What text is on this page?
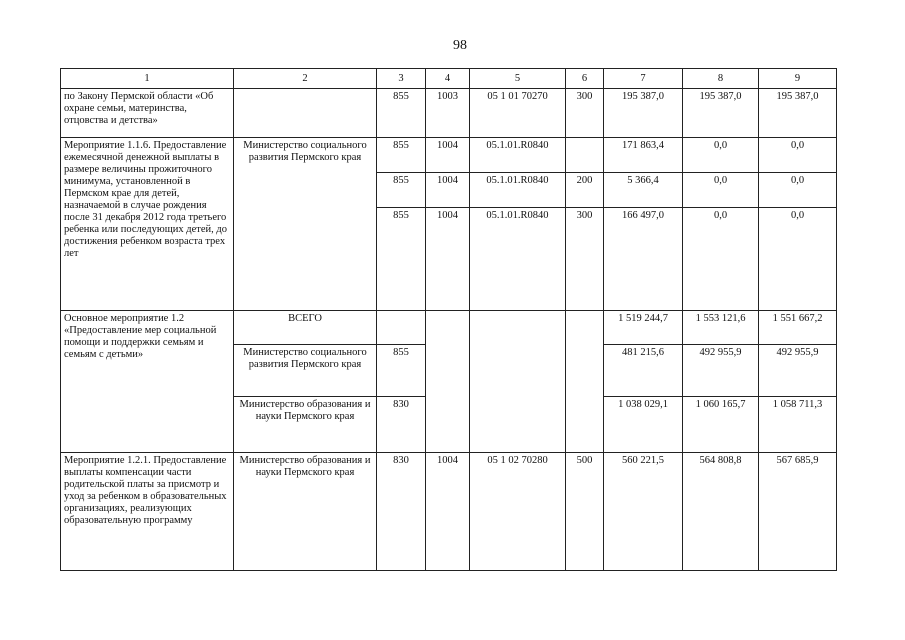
98
1	2	3	4	5	6	7	8	9
по Закону Пермской области «Об охране семьи, материнства, отцовства и детства»		855	1003	05 1 01 70270	300	195 387,0	195 387,0	195 387,0
Мероприятие 1.1.6. Предоставление ежемесячной денежной выплаты в размере величины прожиточного минимума, установленной в Пермском крае для детей, назначаемой в случае рождения после 31 декабря 2012 года третьего ребенка или последующих детей, до достижения ребенком возраста трех лет	Министерство социального развития Пермского края	855	1004	05.1.01.R0840		171 863,4	0,0	0,0
		855	1004	05.1.01.R0840	200	5 366,4	0,0	0,0
		855	1004	05.1.01.R0840	300	166 497,0	0,0	0,0
Основное мероприятие 1.2 «Предоставление мер социальной помощи и поддержки семьям и семьям с детьми»	ВСЕГО					1 519 244,7	1 553 121,6	1 551 667,2
	Министерство социального развития Пермского края	855				481 215,6	492 955,9	492 955,9
	Министерство образования и науки Пермского края	830				1 038 029,1	1 060 165,7	1 058 711,3
Мероприятие 1.2.1. Предоставление выплаты компенсации части родительской платы за присмотр и уход за ребенком в образовательных организациях, реализующих образовательную программу	Министерство образования и науки Пермского края	830	1004	05 1 02 70280	500	560 221,5	564 808,8	567 685,9
